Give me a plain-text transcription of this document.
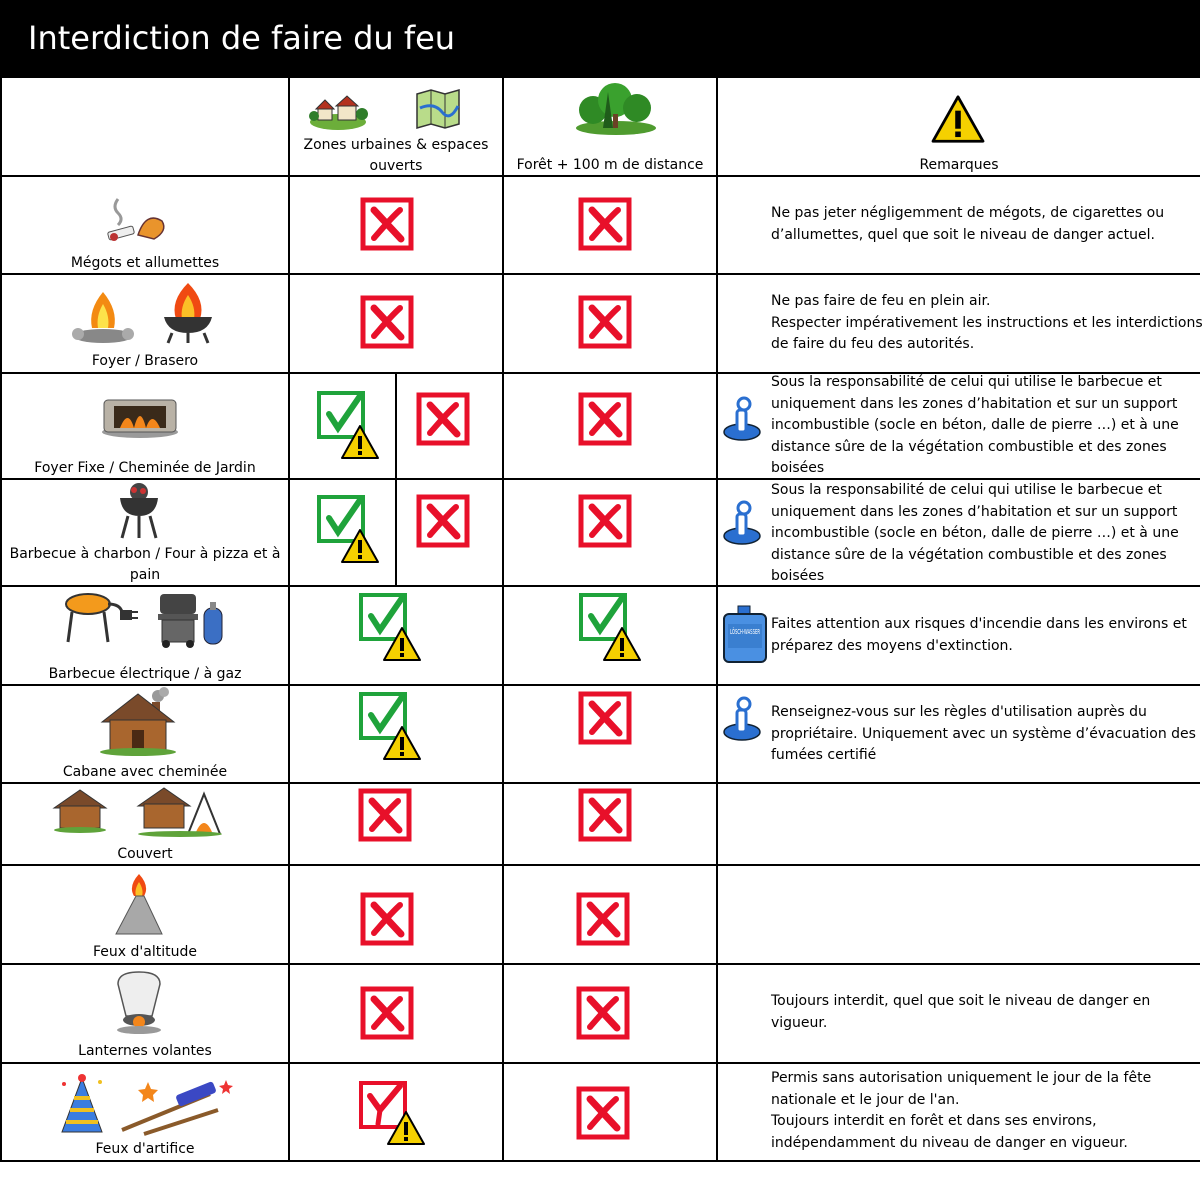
Interdiction de faire du feu
Zones urbaines & espaces ouverts	Forêt + 100 m de distance	Remarques
Mégots et allumettes
Ne pas jeter négligemment de mégots, de cigarettes ou
d’allumettes, quel que soit le niveau de danger actuel.
Foyer / Brasero
Ne pas faire de feu en plein air.
Respecter impérativement les instructions et les interdictions
de faire du feu des autorités.
Foyer Fixe / Cheminée de Jardin
Sous la responsabilité de celui qui utilise le barbecue et
uniquement dans les zones d’habitation et sur un support
incombustible (socle en béton, dalle de pierre …) et à une
distance sûre de la végétation combustible et des zones
boisées
Barbecue à charbon / Four à pizza et à pain
Sous la responsabilité de celui qui utilise le barbecue et
uniquement dans les zones d’habitation et sur un support
incombustible (socle en béton, dalle de pierre …) et à une
distance sûre de la végétation combustible et des zones
boisées
Barbecue électrique / à gaz
LÖSCH-WASSER
Faites attention aux risques d'incendie dans les environs et
préparez des moyens d'extinction.
Cabane avec cheminée
Renseignez-vous sur les règles d'utilisation auprès du
propriétaire. Uniquement avec un système d’évacuation des
fumées certifié
Couvert
Feux d'altitude
Lanternes volantes
Toujours interdit, quel que soit le niveau de danger en
vigueur.
Feux d'artifice
Permis sans autorisation uniquement le jour de la fête
nationale et le jour de l'an.
Toujours interdit en forêt et dans ses environs,
indépendamment du niveau de danger en vigueur.
